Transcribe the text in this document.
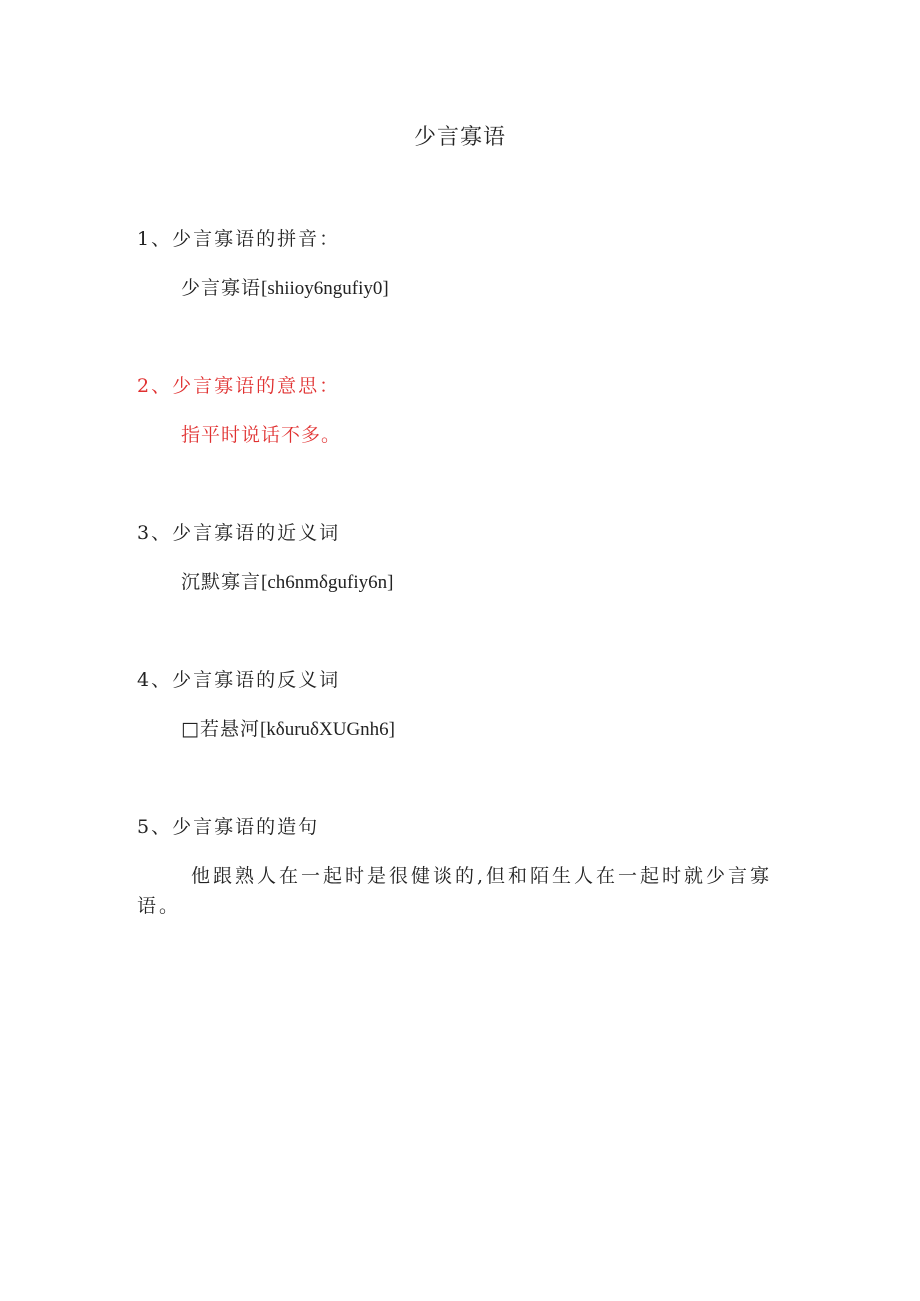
少言寡语
1、少言寡语的拼音：
少言寡语[shiioy6ngufiy0]
2、少言寡语的意思：
指平时说话不多。
3、少言寡语的近义词
沉默寡言[ch6nmδgufiy6n]
4、少言寡语的反义词
□若悬河[kδuruδXUGnh6]
5、少言寡语的造句
他跟熟人在一起时是很健谈的,但和陌生人在一起时就少言寡语。
